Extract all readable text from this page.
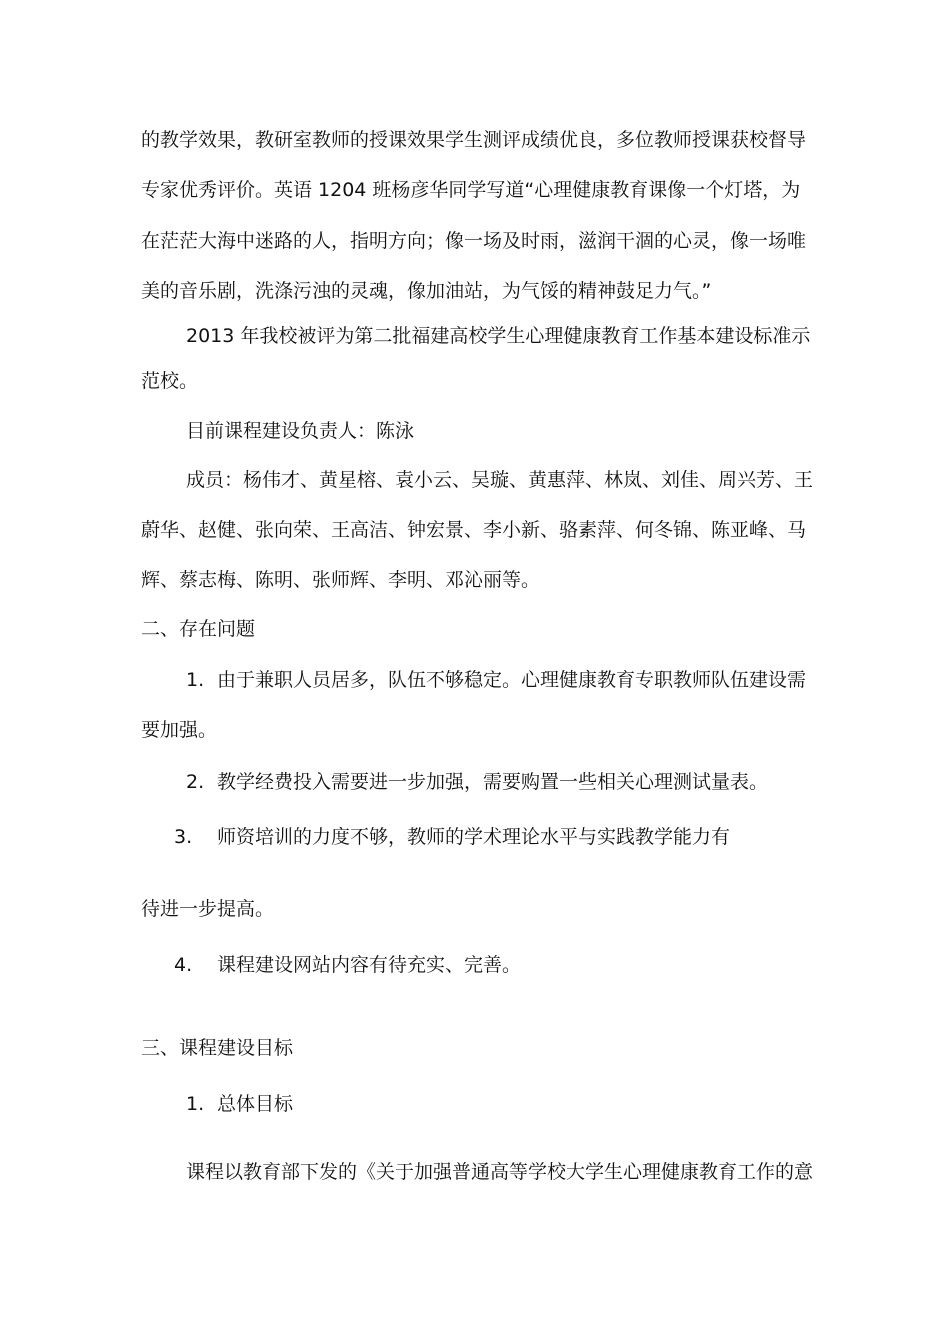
的教学效果，教研室教师的授课效果学生测评成绩优良，多位教师授课获校督导
专家优秀评价。英语 1204 班杨彦华同学写道“心理健康教育课像一个灯塔，为
在茫茫大海中迷路的人，指明方向；像一场及时雨，滋润干涸的心灵，像一场唯
美的音乐剧，洗涤污浊的灵魂，像加油站，为气馁的精神鼓足力气。”
2013 年我校被评为第二批福建高校学生心理健康教育工作基本建设标准示
范校。
目前课程建设负责人：陈泳
成员：杨伟才、黄星榕、袁小云、吴璇、黄惠萍、林岚、刘佳、周兴芳、王
蔚华、赵健、张向荣、王高洁、钟宏景、李小新、骆素萍、何冬锦、陈亚峰、马
辉、蔡志梅、陈明、张师辉、李明、邓沁丽等。
二、存在问题
1. 由于兼职人员居多，队伍不够稳定。心理健康教育专职教师队伍建设需
要加强。
2. 教学经费投入需要进一步加强，需要购置一些相关心理测试量表。
3. 师资培训的力度不够，教师的学术理论水平与实践教学能力有
待进一步提高。
4. 课程建设网站内容有待充实、完善。
三、课程建设目标
1. 总体目标
课程以教育部下发的《关于加强普通高等学校大学生心理健康教育工作的意
